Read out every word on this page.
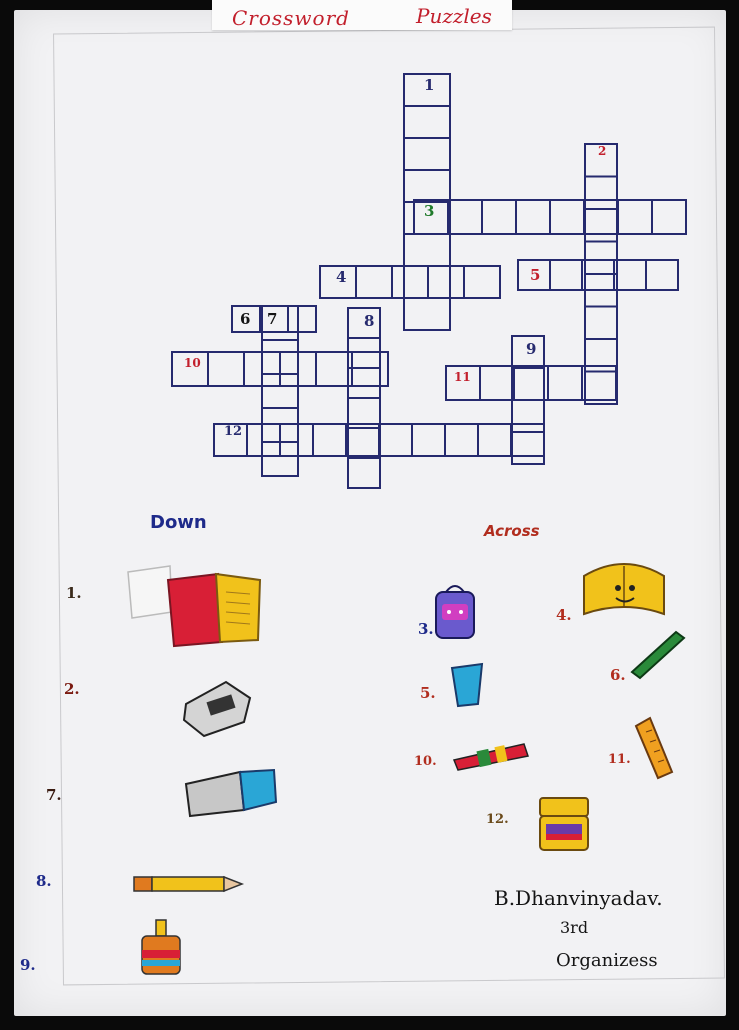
Crossword	Puzzles
1
2
3
4	5
6 7	8
9
10
11
12
Down	Across
1.
2.
7.
8.
9.
3.
4.
5.
6.
10.	11.
12.
B.Dhanvinyadav.
3rd
Organizess
